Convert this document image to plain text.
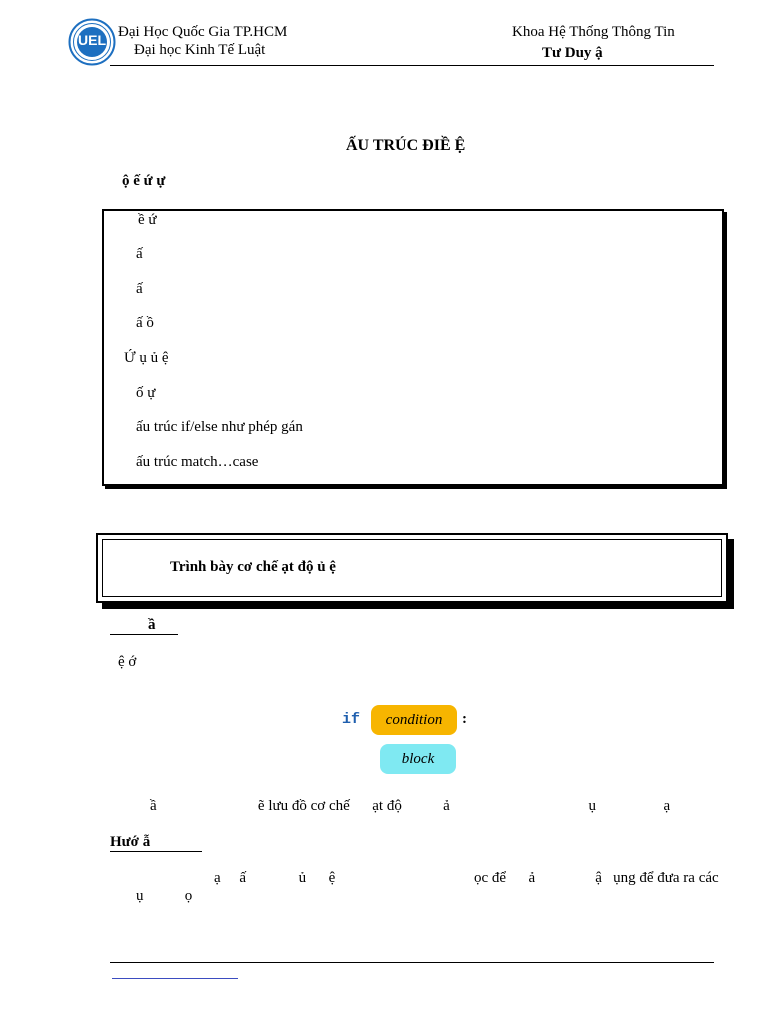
UEL Đại Học Quốc Gia TP.HCM
Đại học Kinh Tế Luật
Khoa Hệ Thống Thông Tin
Tư Duy ậ
ẤU TRÚC ĐIỀ Ệ
ộ ế ứ ự
ề ứ
ấ
ấ
ấ ồ
Ứ ụ ủ ệ
ố ự
ấu trúc if/else như phép gán
ấu trúc match…case
Trình bày cơ chế ạt độ ủ ệ
ầ
ệ ớ
if	condition	:
block
ầ                           ẽ lưu đồ cơ chế      ạt độ           ả                                     ụ                  ạ
Hướ ẫ
ạ     ấ              ủ      ệ                                     ọc để      ả                ậ   ụng để đưa ra các
ụ           ọ
